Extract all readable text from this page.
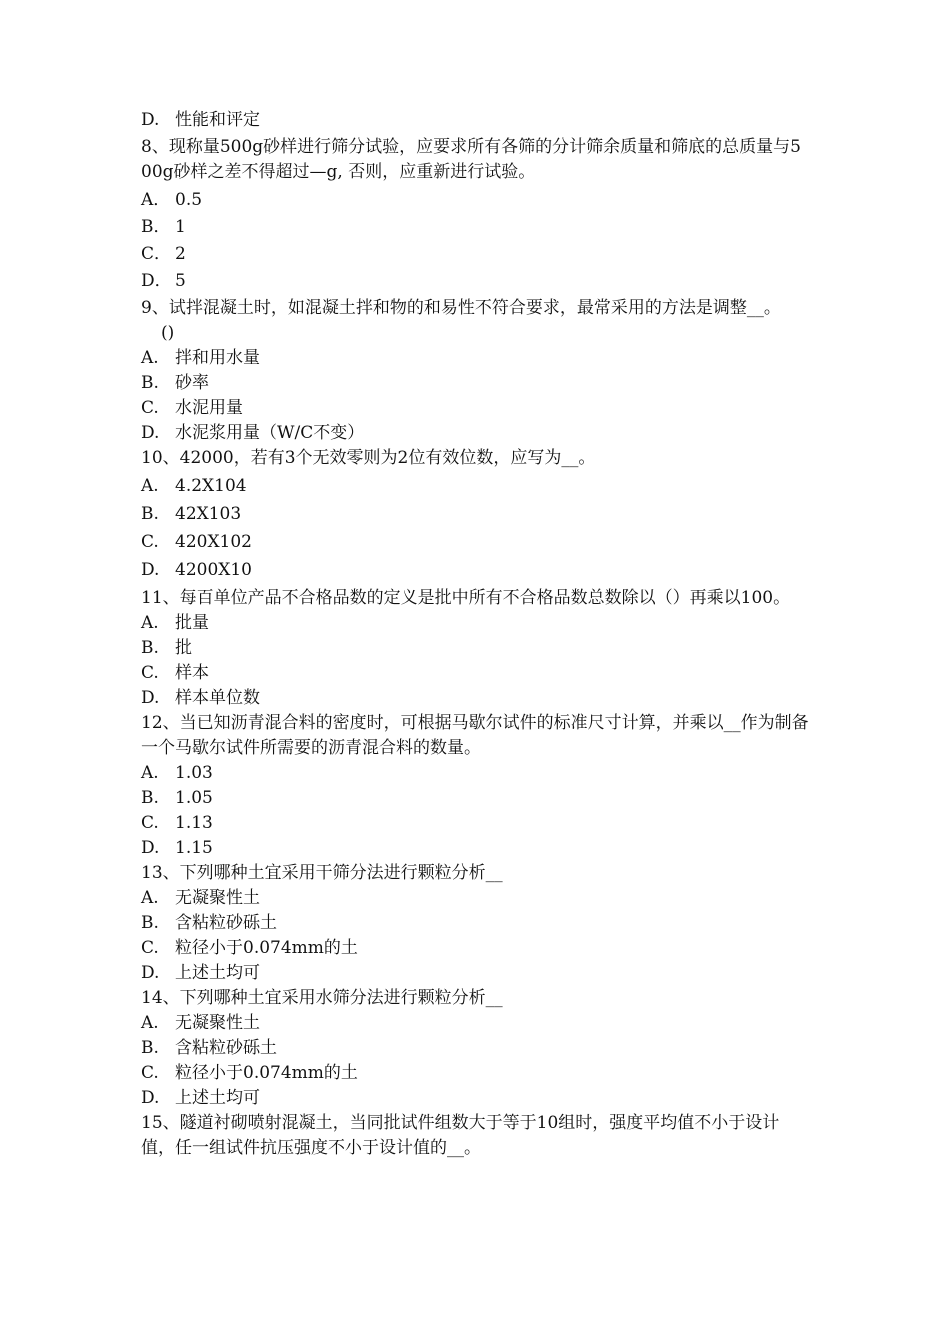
D. 性能和评定
8、现称量500g砂样进行筛分试验，应要求所有各筛的分计筛余质量和筛底的总质量与500g砂样之差不得超过—g, 否则，应重新进行试验。
A． 0.5
B． 1
C． 2
D． 5
9、试拌混凝土时，如混凝土拌和物的和易性不符合要求，最常采用的方法是调整__。
()
A. 拌和用水量
B. 砂率
C. 水泥用量
D. 水泥浆用量（W/C不变）
10、42000，若有3个无效零则为2位有效位数，应写为__。
A. 4.2X104
B. 42X103
C. 420X102
D. 4200X10
11、每百单位产品不合格品数的定义是批中所有不合格品数总数除以（）再乘以100。
A. 批量
B. 批
C. 样本
D. 样本单位数
12、当已知沥青混合料的密度时，可根据马歇尔试件的标准尺寸计算，并乘以__作为制备一个马歇尔试件所需要的沥青混合料的数量。
A. 1.03
B. 1.05
C. 1.13
D. 1.15
13、下列哪种土宜采用干筛分法进行颗粒分析__
A. 无凝聚性土
B. 含粘粒砂砾土
C. 粒径小于0.074mm的土
D. 上述土均可
14、下列哪种土宜采用水筛分法进行颗粒分析__
A. 无凝聚性土
B. 含粘粒砂砾土
C. 粒径小于0.074mm的土
D. 上述土均可
15、隧道衬砌喷射混凝土，当同批试件组数大于等于10组时，强度平均值不小于设计值，任一组试件抗压强度不小于设计值的__。
